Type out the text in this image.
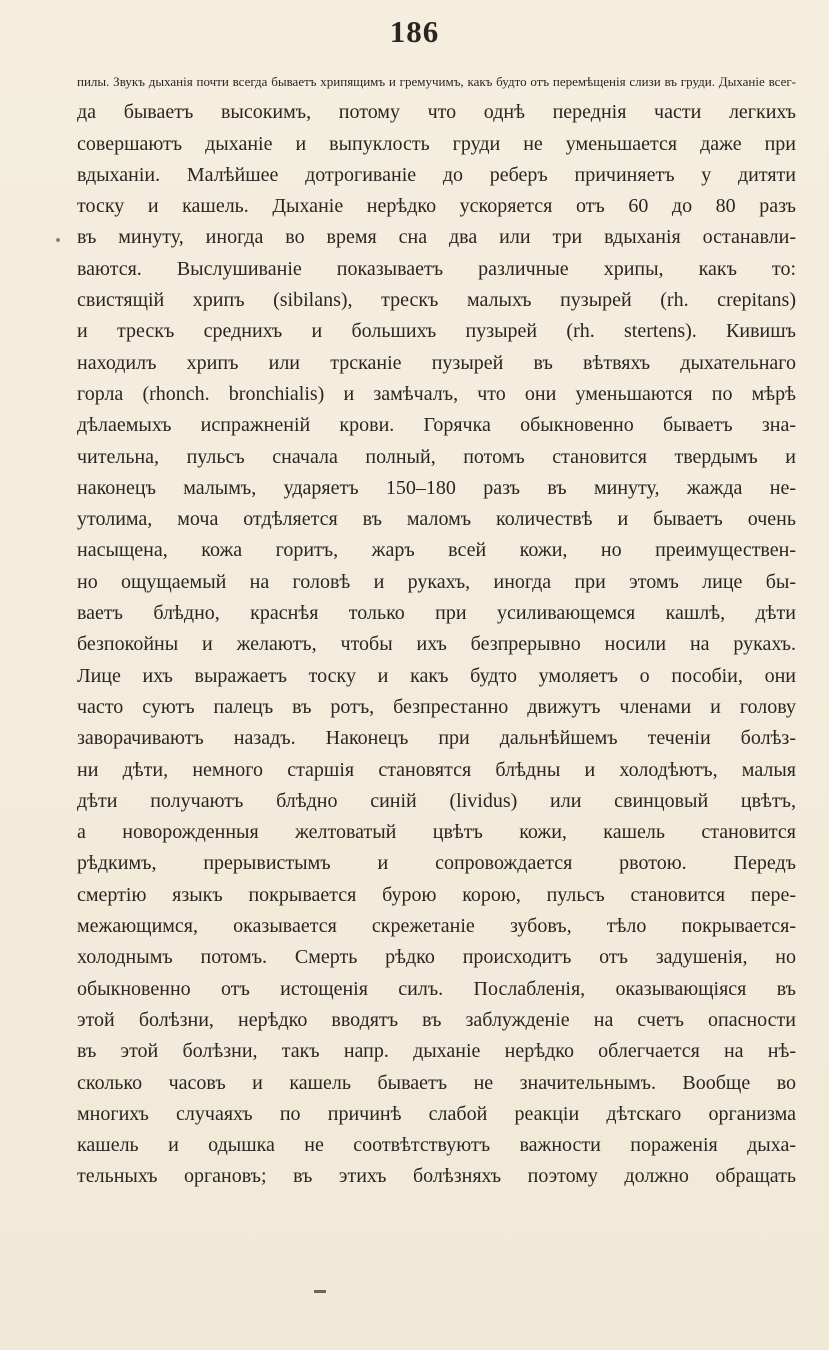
186
пилы. Звукъ дыханія почти всегда бываетъ хрипящимъ и гремучимъ, какъ будто отъ перемѣщенія слизи въ груди. Дыханіе всег-
да бываетъ высокимъ, потому что однѣ переднія части легкихъ
совершаютъ дыханіе и выпуклость груди не уменьшается даже при
вдыханіи. Малѣйшее дотрогиваніе до реберъ причиняетъ у дитяти
тоску и кашель. Дыханіе нерѣдко ускоряется отъ 60 до 80 разъ
въ минуту, иногда во время сна два или три вдыханія останавли-
ваются. Выслушиваніе показываетъ различные хрипы, какъ то:
свистящій хрипъ (sibilans), трескъ малыхъ пузырей (rh. crepitans)
и трескъ среднихъ и большихъ пузырей (rh. stertens). Кивишъ
находилъ хрипъ или трсканіе пузырей въ вѣтвяхъ дыхательнаго
горла (rhonch. bronchialis) и замѣчалъ, что они уменьшаются по мѣрѣ
дѣлаемыхъ испражненій крови. Горячка обыкновенно бываетъ зна-
чительна, пульсъ сначала полный, потомъ становится твердымъ и
наконецъ малымъ, ударяетъ 150–180 разъ въ минуту, жажда не-
утолима, моча отдѣляется въ маломъ количествѣ и бываетъ очень
насыщена, кожа горитъ, жаръ всей кожи, но преимуществен-
но ощущаемый на головѣ и рукахъ, иногда при этомъ лице бы-
ваетъ блѣдно, краснѣя только при усиливающемся кашлѣ, дѣти
безпокойны и желаютъ, чтобы ихъ безпрерывно носили на рукахъ.
Лице ихъ выражаетъ тоску и какъ будто умоляетъ о пособіи, они
часто суютъ палецъ въ ротъ, безпрестанно движутъ членами и голову
заворачиваютъ назадъ. Наконецъ при дальнѣйшемъ теченіи болѣз-
ни дѣти, немного старшія становятся блѣдны и холодѣютъ, малыя
дѣти получаютъ блѣдно синій (lividus) или свинцовый цвѣтъ,
а новорожденныя желтоватый цвѣтъ кожи, кашель становится
рѣдкимъ, прерывистымъ и сопровождается рвотою. Передъ
смертію языкъ покрывается бурою корою, пульсъ становится пере-
межающимся, оказывается скрежетаніе зубовъ, тѣло покрывается-
холоднымъ потомъ. Смерть рѣдко происходитъ отъ задушенія, но
обыкновенно отъ истощенія силъ. Послабленія, оказывающіяся въ
этой болѣзни, нерѣдко вводятъ въ заблужденіе на счетъ опасности
въ этой болѣзни, такъ напр. дыханіе нерѣдко облегчается на нѣ-
сколько часовъ и кашель бываетъ не значительнымъ. Вообще во
многихъ случаяхъ по причинѣ слабой реакціи дѣтскаго организма
кашель и одышка не соотвѣтствуютъ важности пораженія дыха-
тельныхъ органовъ; въ этихъ болѣзняхъ поэтому должно обращать
